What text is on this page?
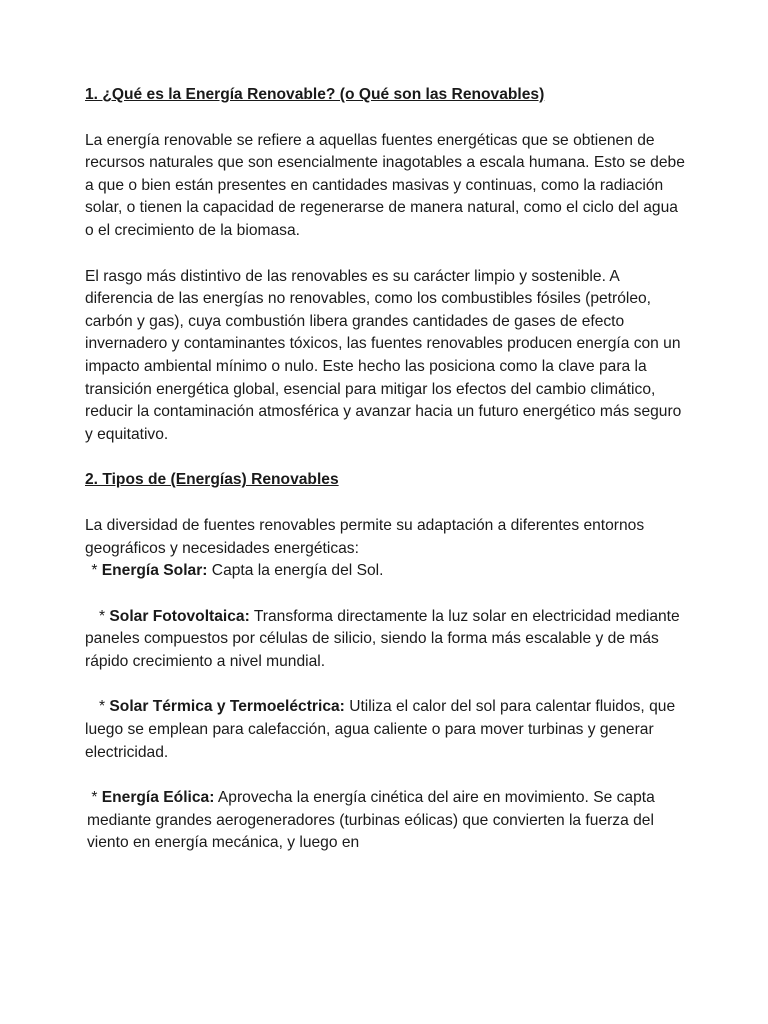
1. ¿Qué es la Energía Renovable? (o Qué son las Renovables)

La energía renovable se refiere a aquellas fuentes energéticas que se obtienen de recursos naturales que son esencialmente inagotables a escala humana. Esto se debe a que o bien están presentes en cantidades masivas y continuas, como la radiación solar, o tienen la capacidad de regenerarse de manera natural, como el ciclo del agua o el crecimiento de la biomasa.

El rasgo más distintivo de las renovables es su carácter limpio y sostenible. A diferencia de las energías no renovables, como los combustibles fósiles (petróleo, carbón y gas), cuya combustión libera grandes cantidades de gases de efecto invernadero y contaminantes tóxicos, las fuentes renovables producen energía con un impacto ambiental mínimo o nulo. Este hecho las posiciona como la clave para la transición energética global, esencial para mitigar los efectos del cambio climático, reducir la contaminación atmosférica y avanzar hacia un futuro energético más seguro y equitativo.

2. Tipos de (Energías) Renovables

La diversidad de fuentes renovables permite su adaptación a diferentes entornos geográficos y necesidades energéticas:

* Energía Solar: Capta la energía del Sol.

* Solar Fotovoltaica: Transforma directamente la luz solar en electricidad mediante paneles compuestos por células de silicio, siendo la forma más escalable y de más rápido crecimiento a nivel mundial.

* Solar Térmica y Termoeléctrica: Utiliza el calor del sol para calentar fluidos, que luego se emplean para calefacción, agua caliente o para mover turbinas y generar electricidad.

* Energía Eólica: Aprovecha la energía cinética del aire en movimiento. Se capta mediante grandes aerogeneradores (turbinas eólicas) que convierten la fuerza del viento en energía mecánica, y luego en
